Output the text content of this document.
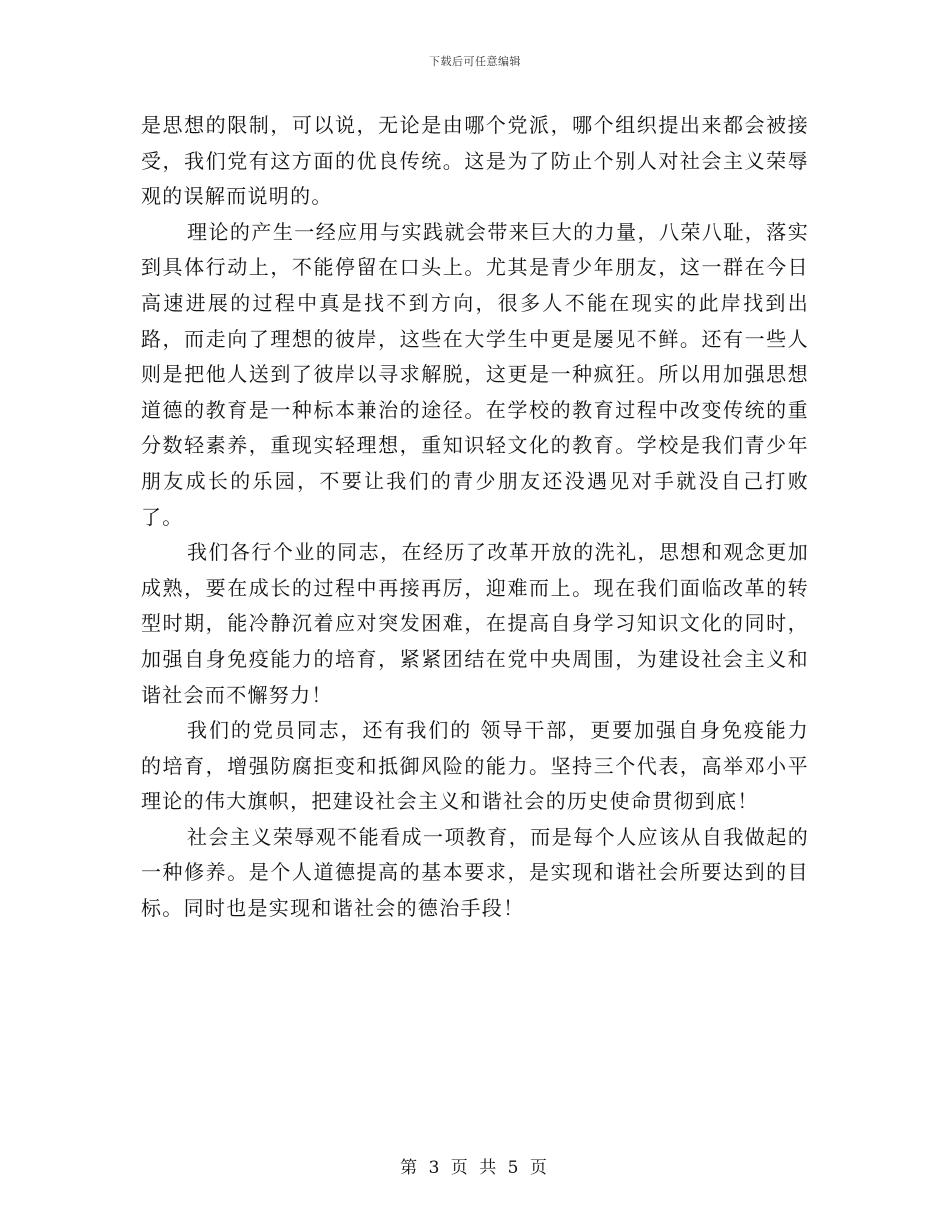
下载后可任意编辑

是思想的限制，可以说，无论是由哪个党派，哪个组织提出来都会被接受，我们党有这方面的优良传统。这是为了防止个别人对社会主义荣辱观的误解而说明的。

理论的产生一经应用与实践就会带来巨大的力量，八荣八耻，落实到具体行动上，不能停留在口头上。尤其是青少年朋友，这一群在今日高速进展的过程中真是找不到方向，很多人不能在现实的此岸找到出路，而走向了理想的彼岸，这些在大学生中更是屡见不鲜。还有一些人则是把他人送到了彼岸以寻求解脱，这更是一种疯狂。所以用加强思想道德的教育是一种标本兼治的途径。在学校的教育过程中改变传统的重分数轻素养，重现实轻理想，重知识轻文化的教育。学校是我们青少年朋友成长的乐园，不要让我们的青少朋友还没遇见对手就没自己打败了。

我们各行个业的同志，在经历了改革开放的洗礼，思想和观念更加成熟，要在成长的过程中再接再厉，迎难而上。现在我们面临改革的转型时期，能冷静沉着应对突发困难，在提高自身学习知识文化的同时，加强自身免疫能力的培育，紧紧团结在党中央周围，为建设社会主义和谐社会而不懈努力！

我们的党员同志，还有我们的 领导干部，更要加强自身免疫能力的培育，增强防腐拒变和抵御风险的能力。坚持三个代表，高举邓小平理论的伟大旗帜，把建设社会主义和谐社会的历史使命贯彻到底！

社会主义荣辱观不能看成一项教育，而是每个人应该从自我做起的一种修养。是个人道德提高的基本要求，是实现和谐社会所要达到的目标。同时也是实现和谐社会的德治手段！

第 3 页 共 5 页
